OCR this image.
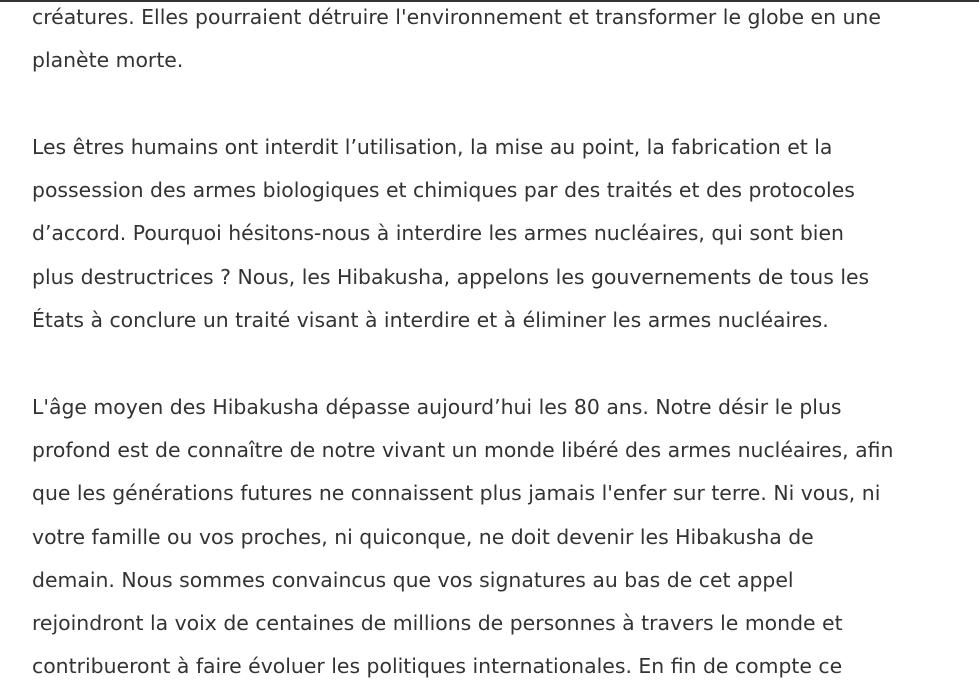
créatures. Elles pourraient détruire l'environnement et transformer le globe en une
planète morte.

Les êtres humains ont interdit l’utilisation, la mise au point, la fabrication et la
possession des armes biologiques et chimiques par des traités et des protocoles
d’accord. Pourquoi hésitons-nous à interdire les armes nucléaires, qui sont bien
plus destructrices ? Nous, les Hibakusha, appelons les gouvernements de tous les
États à conclure un traité visant à interdire et à éliminer les armes nucléaires.

L'âge moyen des Hibakusha dépasse aujourd’hui les 80 ans. Notre désir le plus
profond est de connaître de notre vivant un monde libéré des armes nucléaires, afin
que les générations futures ne connaissent plus jamais l'enfer sur terre. Ni vous, ni
votre famille ou vos proches, ni quiconque, ne doit devenir les Hibakusha de
demain. Nous sommes convaincus que vos signatures au bas de cet appel
rejoindront la voix de centaines de millions de personnes à travers le monde et
contribueront à faire évoluer les politiques internationales. En fin de compte ce
